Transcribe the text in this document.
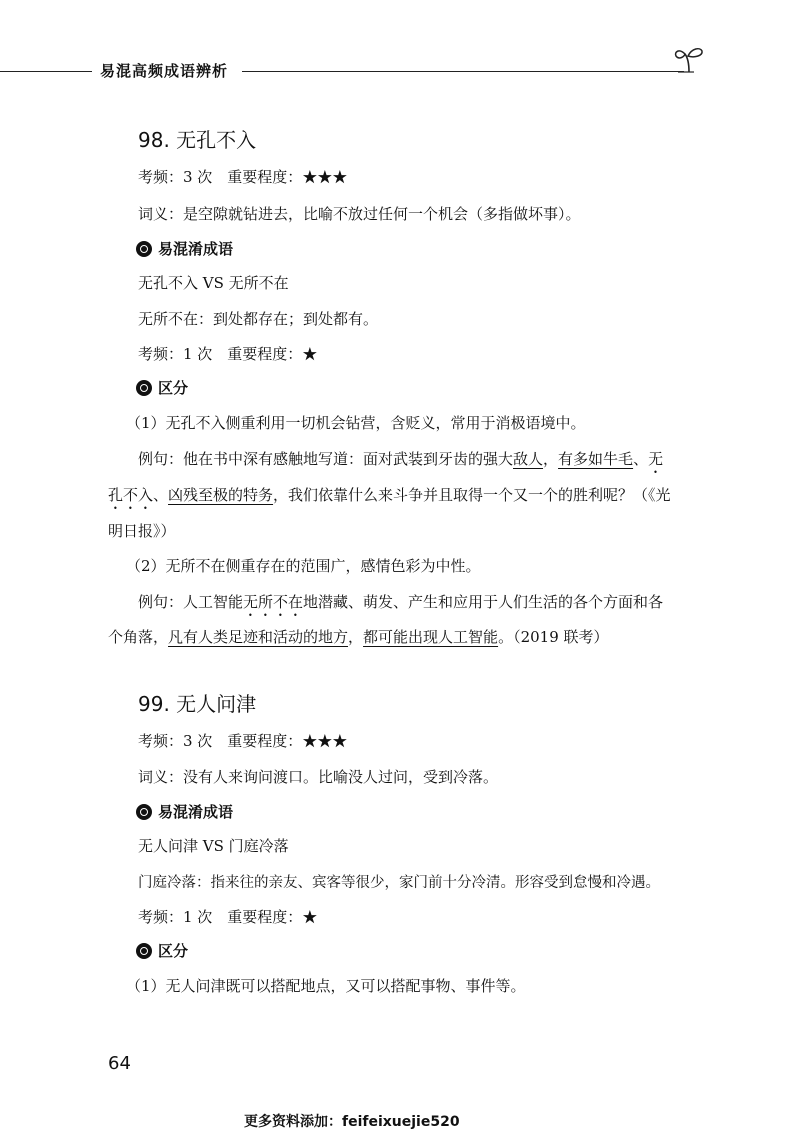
易混高频成语辨析
98. 无孔不入
考频：3 次　重要程度：★★★
词义：是空隙就钻进去，比喻不放过任何一个机会（多指做坏事）。
易混淆成语
无孔不入 VS 无所不在
无所不在：到处都存在；到处都有。
考频：1 次　重要程度：★
区分
（1）无孔不入侧重利用一切机会钻营，含贬义，常用于消极语境中。
例句：他在书中深有感触地写道：面对武装到牙齿的强大敌人，有多如牛毛、无
孔不入、凶残至极的特务，我们依靠什么来斗争并且取得一个又一个的胜利呢？（《光
明日报》）
（2）无所不在侧重存在的范围广，感情色彩为中性。
例句：人工智能无所不在地潜藏、萌发、产生和应用于人们生活的各个方面和各
个角落，凡有人类足迹和活动的地方，都可能出现人工智能。（2019 联考）
99. 无人问津
考频：3 次　重要程度：★★★
词义：没有人来询问渡口。比喻没人过问，受到冷落。
易混淆成语
无人问津 VS 门庭冷落
门庭冷落：指来往的亲友、宾客等很少，家门前十分冷清。形容受到怠慢和冷遇。
考频：1 次　重要程度：★
区分
（1）无人问津既可以搭配地点，又可以搭配事物、事件等。
64
更多资料添加：feifeixuejie520
